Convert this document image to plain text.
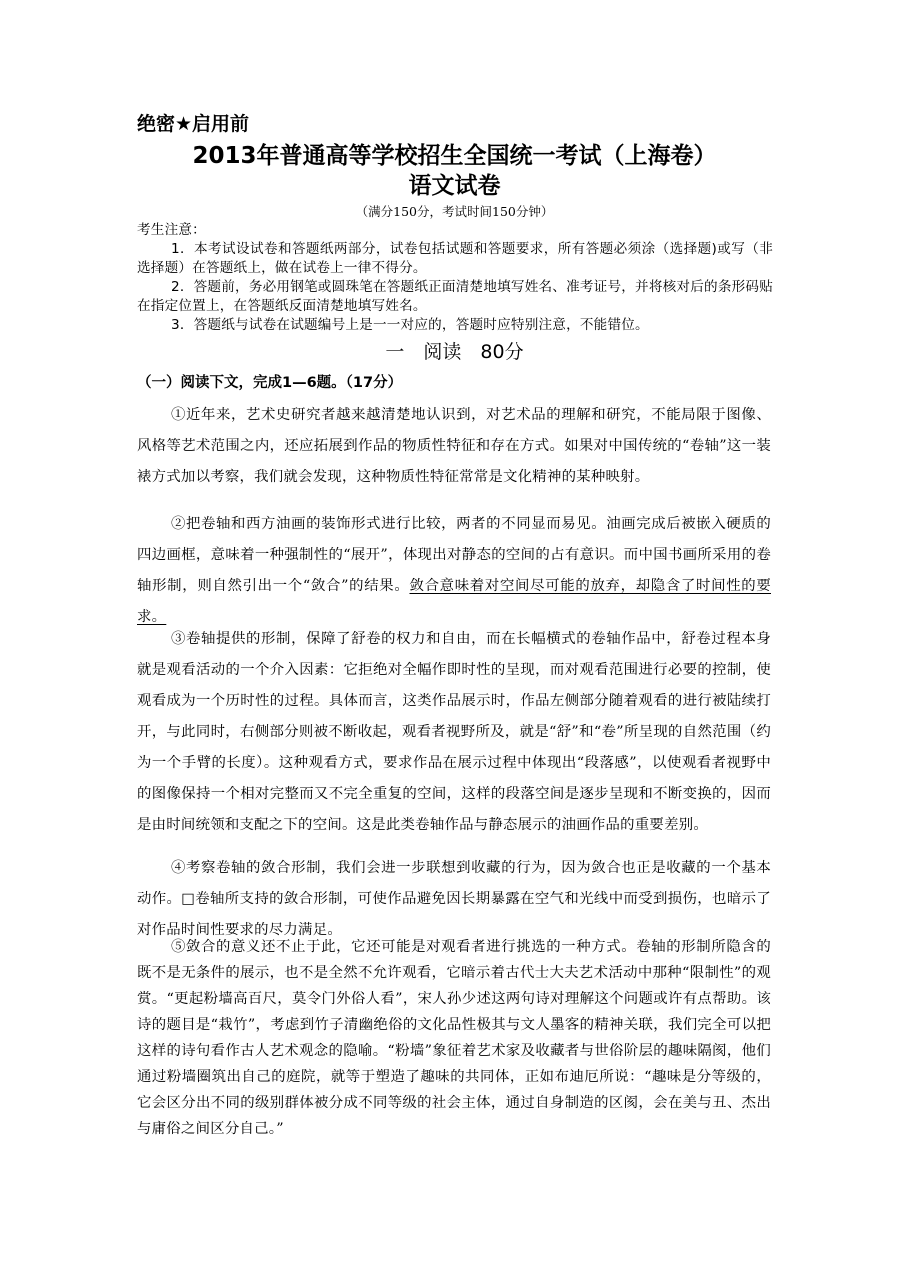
绝密★启用前
2013年普通高等学校招生全国统一考试（上海卷）
语文试卷
（满分150分，考试时间150分钟）
考生注意：
1．本考试设试卷和答题纸两部分，试卷包括试题和答题要求，所有答题必须涂（选择题)或写（非选择题）在答题纸上，做在试卷上一律不得分。
2．答题前，务必用钢笔或圆珠笔在答题纸正面清楚地填写姓名、准考证号，并将核对后的条形码贴在指定位置上，在答题纸反面清楚地填写姓名。
3．答题纸与试卷在试题编号上是一一对应的，答题时应特别注意，不能错位。
一　阅读　80分
（一）阅读下文，完成1—6题。（17分）
①近年来，艺术史研究者越来越清楚地认识到，对艺术品的理解和研究，不能局限于图像、风格等艺术范围之内，还应拓展到作品的物质性特征和存在方式。如果对中国传统的“卷轴”这一装裱方式加以考察，我们就会发现，这种物质性特征常常是文化精神的某种映射。
②把卷轴和西方油画的装饰形式进行比较，两者的不同显而易见。油画完成后被嵌入硬质的四边画框，意味着一种强制性的“展开”，体现出对静态的空间的占有意识。而中国书画所采用的卷轴形制，则自然引出一个“敛合”的结果。敛合意味着对空间尽可能的放弃，却隐含了时间性的要求。
③卷轴提供的形制，保障了舒卷的权力和自由，而在长幅横式的卷轴作品中，舒卷过程本身就是观看活动的一个介入因素：它拒绝对全幅作即时性的呈现，而对观看范围进行必要的控制，使观看成为一个历时性的过程。具体而言，这类作品展示时，作品左侧部分随着观看的进行被陆续打开，与此同时，右侧部分则被不断收起，观看者视野所及，就是“舒”和“卷”所呈现的自然范围（约为一个手臂的长度）。这种观看方式，要求作品在展示过程中体现出“段落感”，以使观看者视野中的图像保持一个相对完整而又不完全重复的空间，这样的段落空间是逐步呈现和不断变换的，因而是由时间统领和支配之下的空间。这是此类卷轴作品与静态展示的油画作品的重要差别。
④考察卷轴的敛合形制，我们会进一步联想到收藏的行为，因为敛合也正是收藏的一个基本动作。□卷轴所支持的敛合形制，可使作品避免因长期暴露在空气和光线中而受到损伤，也暗示了对作品时间性要求的尽力满足。
⑤敛合的意义还不止于此，它还可能是对观看者进行挑选的一种方式。卷轴的形制所隐含的既不是无条件的展示，也不是全然不允许观看，它暗示着古代士大夫艺术活动中那种“限制性”的观赏。“更起粉墙高百尺，莫令门外俗人看”，宋人孙少述这两句诗对理解这个问题或许有点帮助。该诗的题目是“栽竹”，考虑到竹子清幽绝俗的文化品性极其与文人墨客的精神关联，我们完全可以把这样的诗句看作古人艺术观念的隐喻。“粉墙”象征着艺术家及收藏者与世俗阶层的趣味隔阂，他们通过粉墙圈筑出自己的庭院，就等于塑造了趣味的共同体，正如布迪厄所说：“趣味是分等级的，它会区分出不同的级别群体被分成不同等级的社会主体，通过自身制造的区阂，会在美与丑、杰出与庸俗之间区分自己。”
